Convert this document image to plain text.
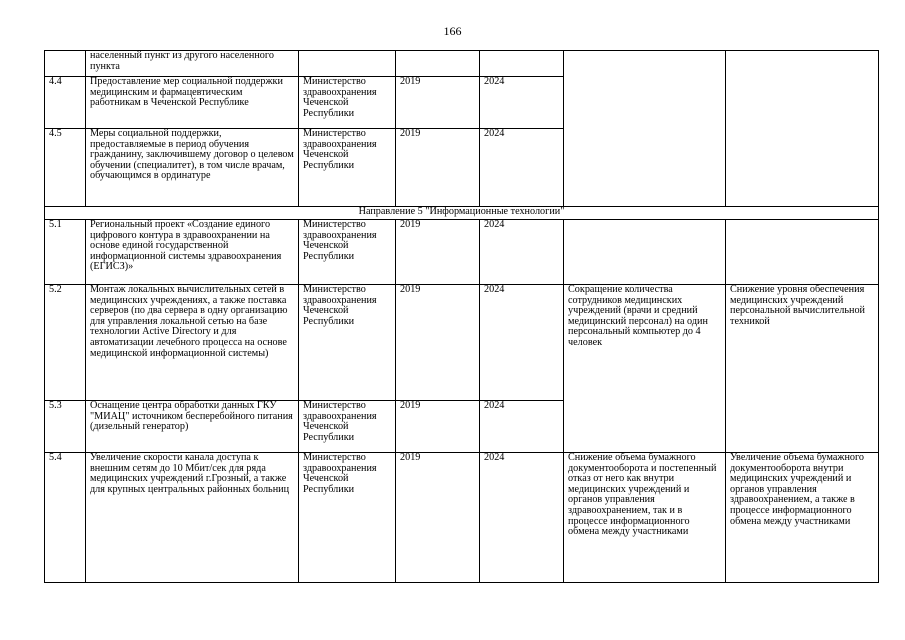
166
	населенный пункт из другого населенного пункта					
4.4	Предоставление мер социальной поддержки медицинским и фармацевтическим работникам в Чеченской Республике	Министерство здравоохранения Чеченской Республики	2019	2024		
4.5	Меры социальной поддержки, предоставляемые в период обучения гражданину, заключившему договор о целевом обучении (специалитет), в том числе врачам, обучающимся в ординатуре	Министерство здравоохранения Чеченской Республики	2019	2024		
Направление 5 "Информационные технологии"						
5.1	Региональный проект «Создание единого цифрового контура в здравоохранении на основе единой государственной информационной системы здравоохранения (ЕГИСЗ)»	Министерство здравоохранения Чеченской Республики	2019	2024		
5.2	Монтаж локальных вычислительных сетей в медицинских учреждениях, а также поставка серверов (по два сервера в одну организацию для управления локальной сетью на базе технологии Active Directory и для автоматизации лечебного процесса на основе медицинской информационной системы)	Министерство здравоохранения Чеченской Республики	2019	2024	Сокращение количества сотрудников медицинских учреждений (врачи и средний медицинский персонал) на один персональный компьютер до 4 человек	Снижение уровня обеспечения медицинских учреждений персональной вычислительной техникой
5.3	Оснащение центра обработки данных ГКУ "МИАЦ" источником бесперебойного питания (дизельный генератор)	Министерство здравоохранения Чеченской Республики	2019	2024		
5.4	Увеличение скорости канала доступа к внешним сетям до 10 Мбит/сек для ряда медицинских учреждений г.Грозный, а также для крупных центральных районных больниц	Министерство здравоохранения Чеченской Республики	2019	2024	Снижение объема бумажного документооборота и постепенный отказ от него как внутри медицинских учреждений и органов управления здравоохранением, так и в процессе информационного обмена между участниками	Увеличение объема бумажного документооборота внутри медицинских учреждений и органов управления здравоохранением, а также в процессе информационного обмена между участниками
